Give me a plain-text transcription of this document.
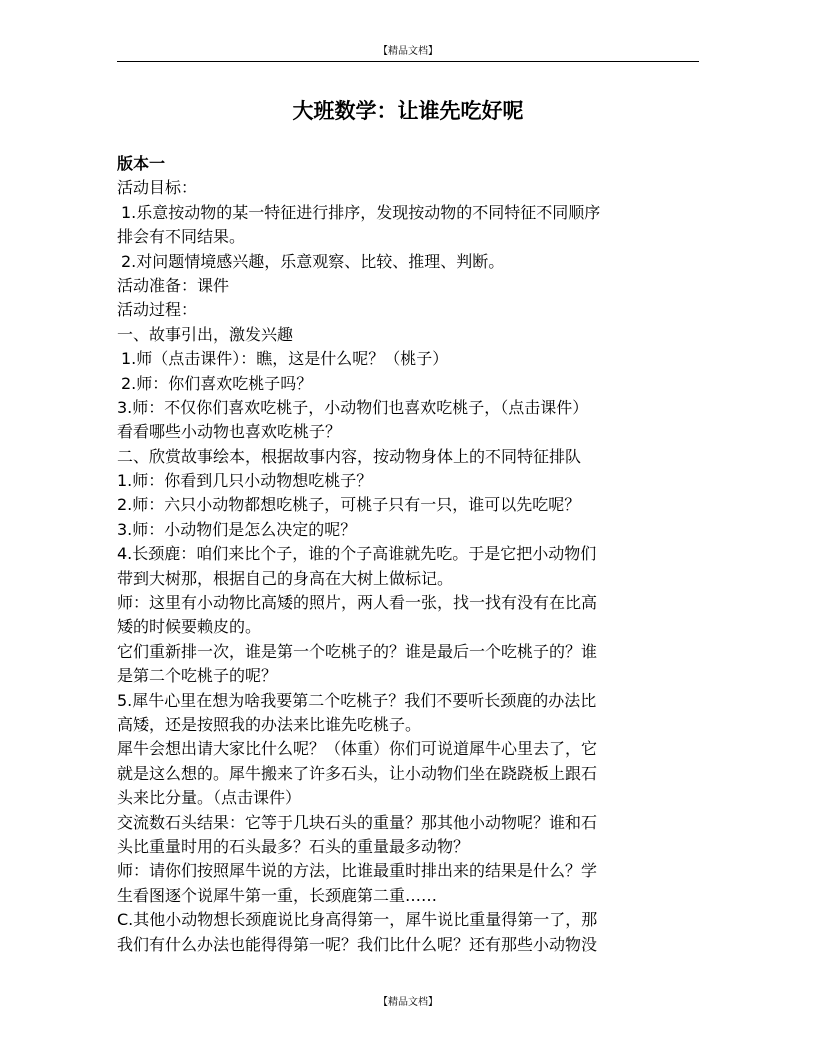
【精品文档】
大班数学：让谁先吃好呢
版本一
活动目标：
1.乐意按动物的某一特征进行排序，发现按动物的不同特征不同顺序
排会有不同结果。
2.对问题情境感兴趣，乐意观察、比较、推理、判断。
活动准备：课件
活动过程：
一、故事引出，激发兴趣
1.师（点击课件）：瞧，这是什么呢？（桃子）
2.师：你们喜欢吃桃子吗？
3.师：不仅你们喜欢吃桃子，小动物们也喜欢吃桃子，（点击课件）
看看哪些小动物也喜欢吃桃子？
二、欣赏故事绘本，根据故事内容，按动物身体上的不同特征排队
1.师：你看到几只小动物想吃桃子？
2.师：六只小动物都想吃桃子，可桃子只有一只，谁可以先吃呢？
3.师：小动物们是怎么决定的呢？
4.长颈鹿：咱们来比个子，谁的个子高谁就先吃。于是它把小动物们
带到大树那，根据自己的身高在大树上做标记。
师：这里有小动物比高矮的照片，两人看一张，找一找有没有在比高
矮的时候要赖皮的。
它们重新排一次，谁是第一个吃桃子的？谁是最后一个吃桃子的？谁
是第二个吃桃子的呢？
5.犀牛心里在想为啥我要第二个吃桃子？我们不要听长颈鹿的办法比
高矮，还是按照我的办法来比谁先吃桃子。
犀牛会想出请大家比什么呢？（体重）你们可说道犀牛心里去了，它
就是这么想的。犀牛搬来了许多石头，让小动物们坐在跷跷板上跟石
头来比分量。（点击课件）
交流数石头结果：它等于几块石头的重量？那其他小动物呢？谁和石
头比重量时用的石头最多？石头的重量最多动物？
师：请你们按照犀牛说的方法，比谁最重时排出来的结果是什么？学
生看图逐个说犀牛第一重，长颈鹿第二重……
C.其他小动物想长颈鹿说比身高得第一，犀牛说比重量得第一了，那
我们有什么办法也能得得第一呢？我们比什么呢？还有那些小动物没
【精品文档】
